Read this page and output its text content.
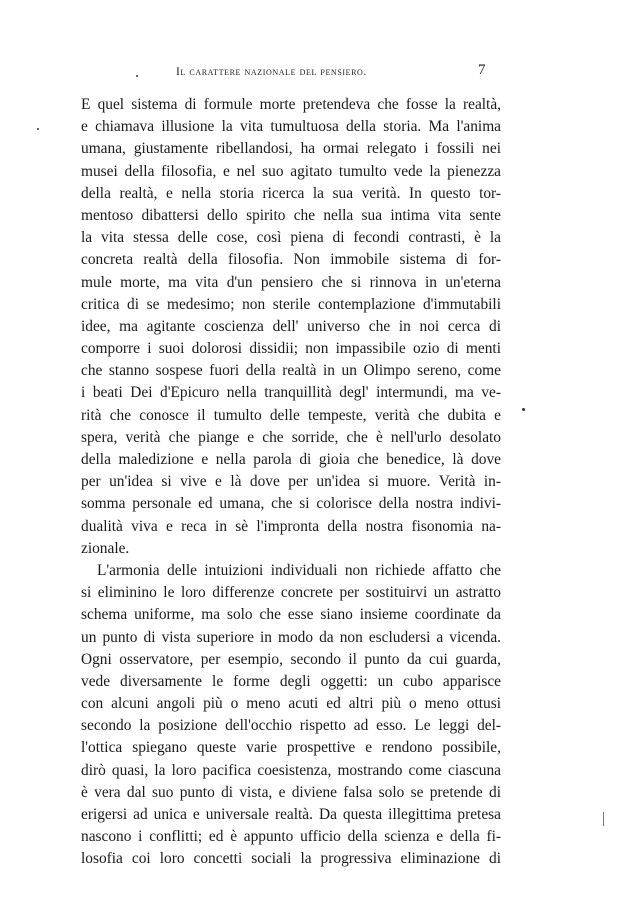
Il carattere nazionale del pensiero.	7
E quel sistema di formule morte pretendeva che fosse la realtà,
e chiamava illusione la vita tumultuosa della storia. Ma l'anima
umana, giustamente ribellandosi, ha ormai relegato i fossili nei
musei della filosofia, e nel suo agitato tumulto vede la pienezza
della realtà, e nella storia ricerca la sua verità. In questo tor-
mentoso dibattersi dello spirito che nella sua intima vita sente
la vita stessa delle cose, così piena di fecondi contrasti, è la
concreta realtà della filosofia. Non immobile sistema di for-
mule morte, ma vita d'un pensiero che si rinnova in un'eterna
critica di se medesimo; non sterile contemplazione d'immutabili
idee, ma agitante coscienza dell' universo che in noi cerca di
comporre i suoi dolorosi dissidii; non impassibile ozio di menti
che stanno sospese fuori della realtà in un Olimpo sereno, come
i beati Dei d'Epicuro nella tranquillità degl' intermundi, ma ve-
rità che conosce il tumulto delle tempeste, verità che dubita e
spera, verità che piange e che sorride, che è nell'urlo desolato
della maledizione e nella parola di gioia che benedice, là dove
per un'idea si vive e là dove per un'idea si muore. Verità in-
somma personale ed umana, che si colorisce della nostra indivi-
dualità viva e reca in sè l'impronta della nostra fisonomia na-
zionale.
L'armonia delle intuizioni individuali non richiede affatto che
si eliminino le loro differenze concrete per sostituirvi un astratto
schema uniforme, ma solo che esse siano insieme coordinate da
un punto di vista superiore in modo da non escludersi a vicenda.
Ogni osservatore, per esempio, secondo il punto da cui guarda,
vede diversamente le forme degli oggetti: un cubo apparisce
con alcuni angoli più o meno acuti ed altri più o meno ottusi
secondo la posizione dell'occhio rispetto ad esso. Le leggi del-
l'ottica spiegano queste varie prospettive e rendono possibile,
dirò quasi, la loro pacifica coesistenza, mostrando come ciascuna
è vera dal suo punto di vista, e diviene falsa solo se pretende di
erigersi ad unica e universale realtà. Da questa illegittima pretesa
nascono i conflitti; ed è appunto ufficio della scienza e della fi-
losofia coi loro concetti sociali la progressiva eliminazione di
